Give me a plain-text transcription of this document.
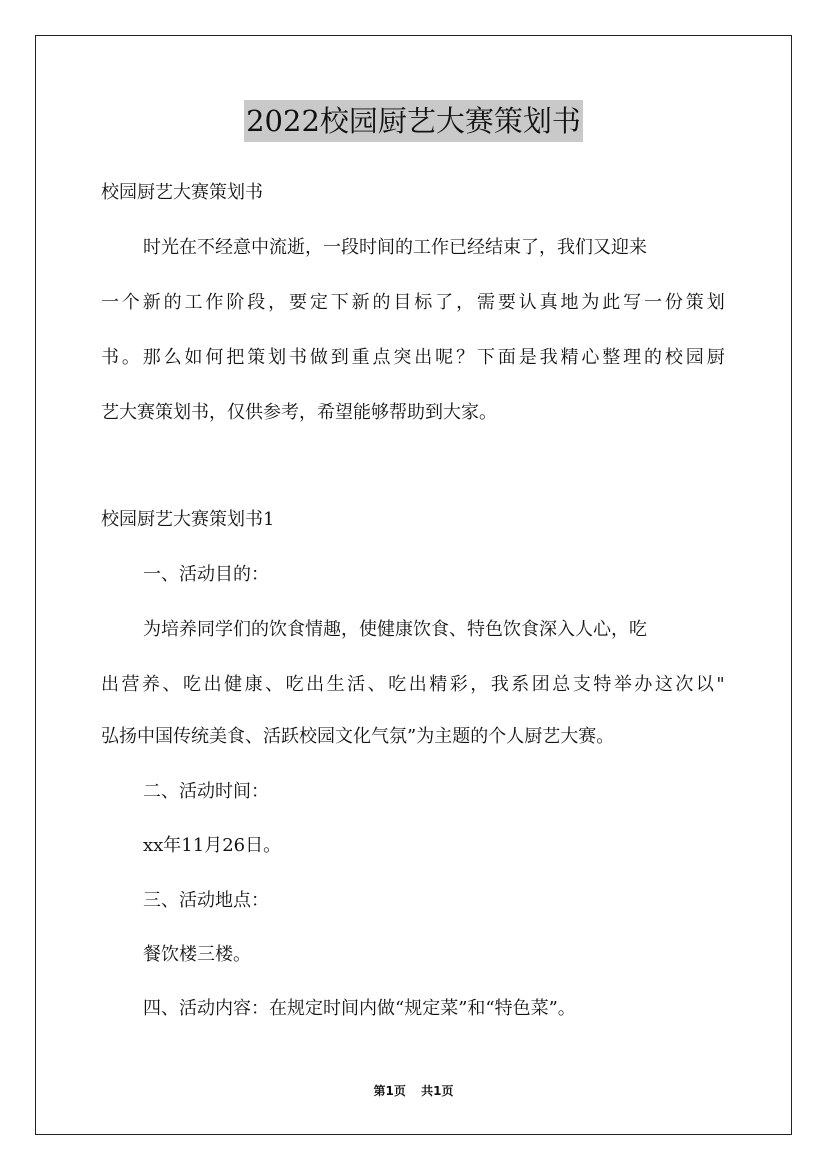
2022校园厨艺大赛策划书
校园厨艺大赛策划书
时光在不经意中流逝，一段时间的工作已经结束了，我们又迎来
一个新的工作阶段，要定下新的目标了，需要认真地为此写一份策划
书。那么如何把策划书做到重点突出呢？下面是我精心整理的校园厨
艺大赛策划书，仅供参考，希望能够帮助到大家。
校园厨艺大赛策划书1
一、活动目的：
为培养同学们的饮食情趣，使健康饮食、特色饮食深入人心，吃
出营养、吃出健康、吃出生活、吃出精彩，我系团总支特举办这次以"
弘扬中国传统美食、活跃校园文化气氛”为主题的个人厨艺大赛。
二、活动时间：
xx年11月26日。
三、活动地点：
餐饮楼三楼。
四、活动内容：在规定时间内做“规定菜”和“特色菜”。
第1页 共1页
